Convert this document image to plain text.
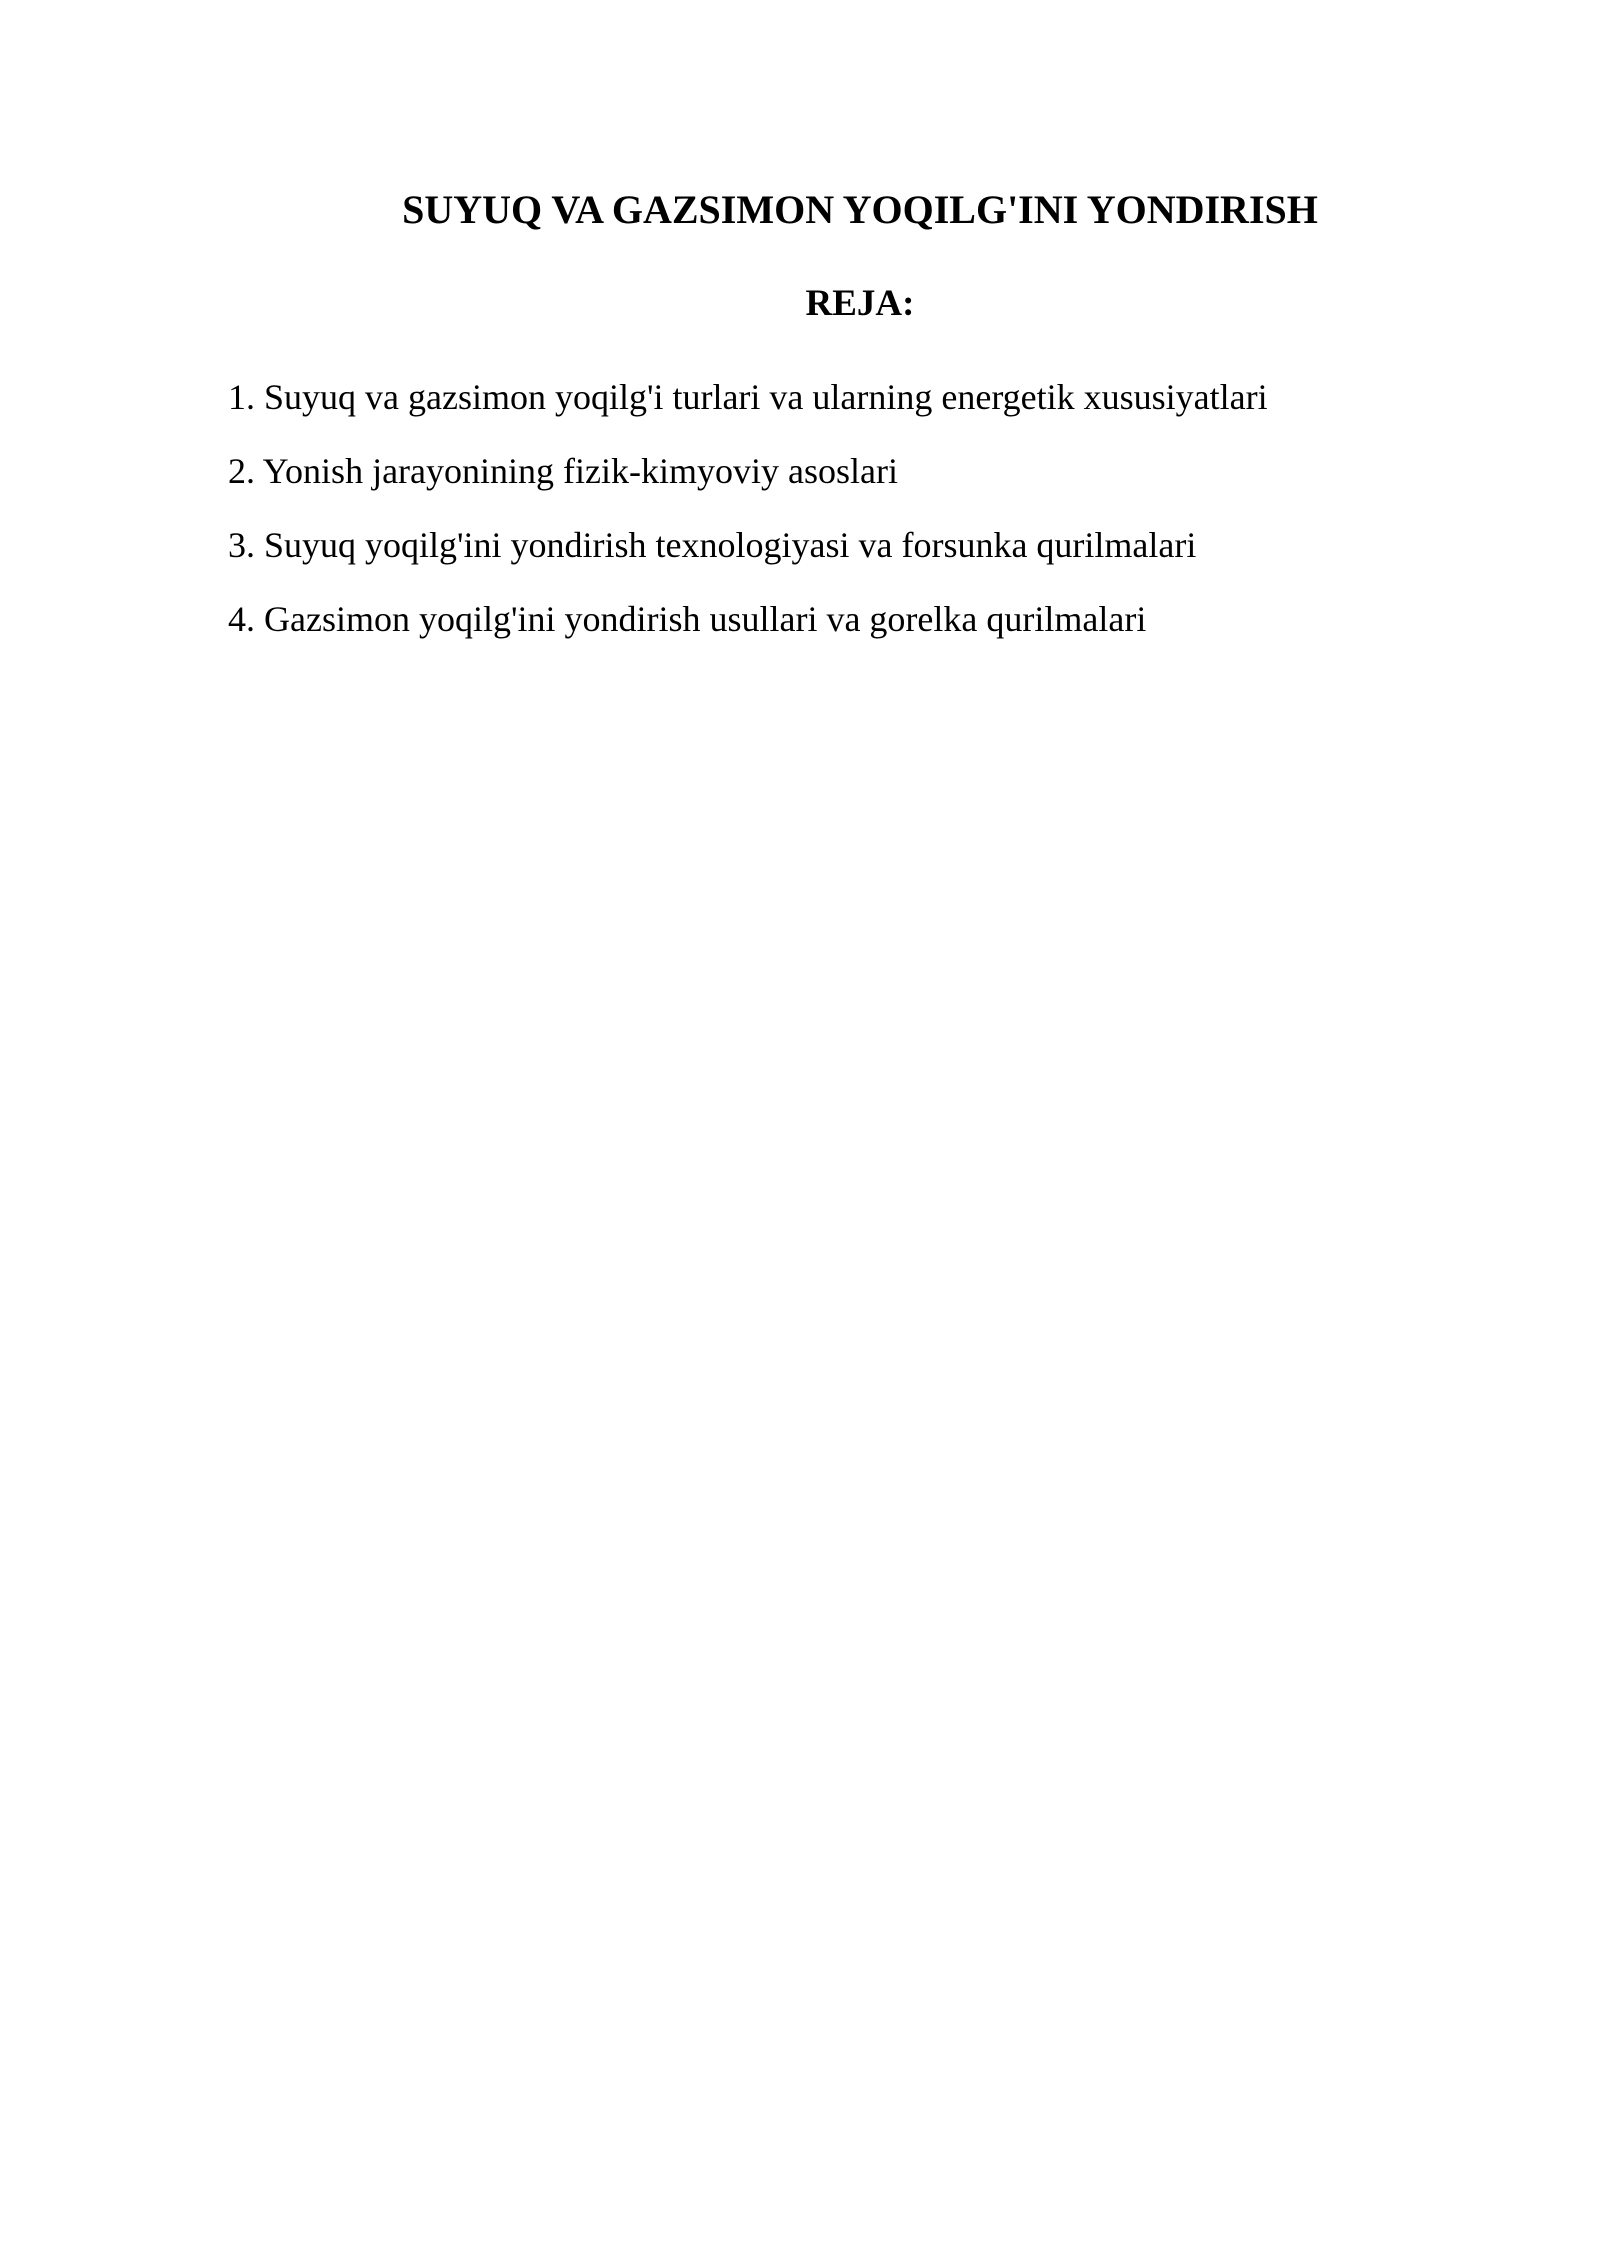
SUYUQ VA GAZSIMON YOQILG'INI YONDIRISH
REJA:
1. Suyuq va gazsimon yoqilg'i turlari va ularning energetik xususiyatlari
2. Yonish jarayonining fizik-kimyoviy asoslari
3. Suyuq yoqilg'ini yondirish texnologiyasi va forsunka qurilmalari
4. Gazsimon yoqilg'ini yondirish usullari va gorelka qurilmalari
